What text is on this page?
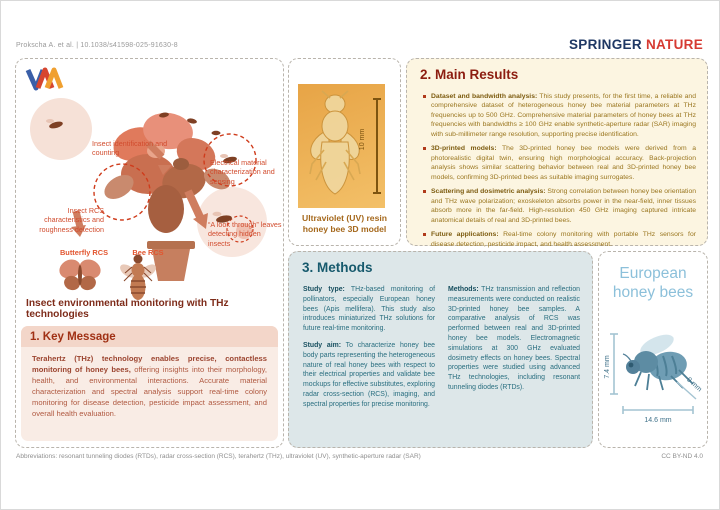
Prokscha A. et al. | 10.1038/s41598-025-91630-8	SPRINGER NATURE
Insect identification and counting
Electrical material characterization and sensing
Insect RCS characteristics and roughness detection
“A look through” leaves detecting hidden insects
Butterfly RCS	Bee RCS
Insect environmental monitoring with THz technologies
1. Key Message
Terahertz (THz) technology enables precise, contactless monitoring of honey bees, offering insights into their morphology, health, and environmental interactions. Accurate material characterization and spectral analysis support real-time colony monitoring for disease detection, pesticide impact assessment, and overall health evaluation.
10 mm
Ultraviolet (UV) resin honey bee 3D model
2. Main Results
Dataset and bandwidth analysis: This study presents, for the first time, a reliable and comprehensive dataset of heterogeneous honey bee material parameters at THz frequencies up to 500 GHz. Comprehensive material parameters of honey bees at THz frequencies with bandwidths ≥ 100 GHz enable synthetic-aperture radar (SAR) imaging with sub-millimeter range resolution, supporting precise identification.
3D-printed models: The 3D-printed honey bee models were derived from a photorealistic digital twin, ensuring high morphological accuracy. Back-projection analysis shows similar scattering behavior between real and 3D-printed honey bee models, confirming 3D-printed bees as suitable imaging surrogates.
Scattering and dosimetric analysis: Strong correlation between honey bee orientation and THz wave polarization; exoskeleton absorbs power in the near-field, inner tissues absorb more in the far-field. High-resolution 450 GHz imaging captured intricate anatomical details of real and 3D-printed bees.
Future applications: Real-time colony monitoring with portable THz sensors for disease detection, pesticide impact, and health assessment.
3. Methods

Study type: THz-based monitoring of pollinators, especially European honey bees (Apis mellifera). This study also introduces miniaturized THz solutions for future real-time monitoring.

Study aim: To characterize honey bee body parts representing the heterogeneous nature of real honey bees with respect to their electrical properties and validate bee mockups for effective substitutes, exploring radar cross-section (RCS), imaging, and spectral properties for precise monitoring.

Methods: THz transmission and reflection measurements were conducted on realistic 3D-printed honey bee samples. A comparative analysis of RCS was performed between real and 3D-printed honey bee models. Electromagnetic simulations at 300 GHz evaluated dosimetry effects on honey bees. Spectral properties were studied using advanced THz technologies, including resonant tunneling diodes (RTDs).

European
honey bees
7.4 mm
9 mm
14.6 mm
Abbreviations: resonant tunneling diodes (RTDs), radar cross-section (RCS), terahertz (THz), ultraviolet (UV), synthetic-aperture radar (SAR)	CC BY-ND 4.0
